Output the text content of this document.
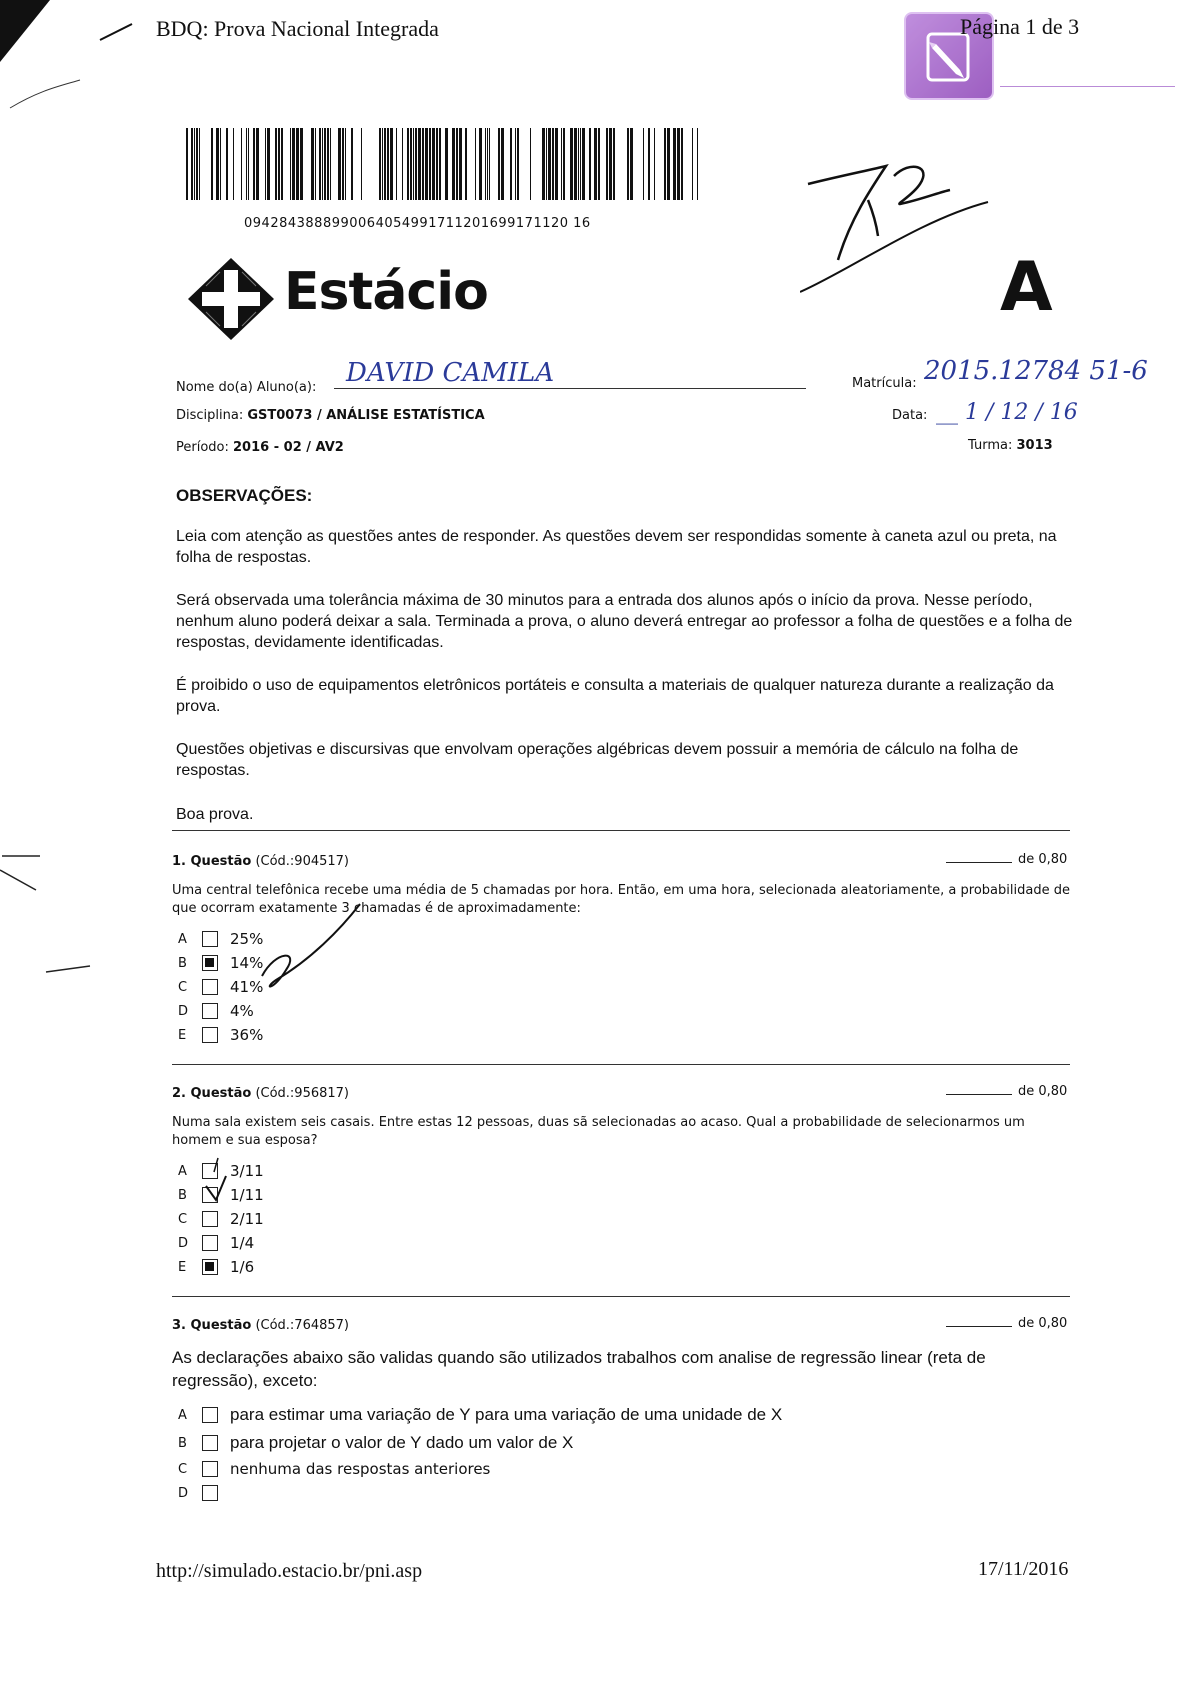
BDQ: Prova Nacional Integrada	Página 1 de 3
0942843888990064054991711201699171120 16
Estácio
7,2
A
Nome do(a) Aluno(a): DAVID CAMILA	Matrícula: 2015.12784 51-6
Disciplina: GST0073 / ANÁLISE ESTATÍSTICA	Data: __ 1 / 12 / 16
Período: 2016 - 02 / AV2	Turma: 3013
OBSERVAÇÕES:
Leia com atenção as questões antes de responder. As questões devem ser respondidas somente à caneta azul ou preta, na folha de respostas.
Será observada uma tolerância máxima de 30 minutos para a entrada dos alunos após o início da prova. Nesse período, nenhum aluno poderá deixar a sala. Terminada a prova, o aluno deverá entregar ao professor a folha de questões e a folha de respostas, devidamente identificadas.
É proibido o uso de equipamentos eletrônicos portáteis e consulta a materiais de qualquer natureza durante a realização da prova.
Questões objetivas e discursivas que envolvam operações algébricas devem possuir a memória de cálculo na folha de respostas.
Boa prova.
1. Questão (Cód.:904517)	de 0,80
Uma central telefônica recebe uma média de 5 chamadas por hora. Então, em uma hora, selecionada aleatoriamente, a probabilidade de que ocorram exatamente 3 chamadas é de aproximadamente:
A	25%
B	14%
C	41%
D	4%
E	36%
2. Questão (Cód.:956817)	de 0,80
Numa sala existem seis casais. Entre estas 12 pessoas, duas sã selecionadas ao acaso. Qual a probabilidade de selecionarmos um homem e sua esposa?
A	3/11
B	1/11
C	2/11
D	1/4
E	1/6
3. Questão (Cód.:764857)	de 0,80
As declarações abaixo são validas quando são utilizados trabalhos com analise de regressão linear (reta de regressão), exceto:
A	para estimar uma variação de Y para uma variação de uma unidade de X
B	para projetar o valor de Y dado um valor de X
C	nenhuma das respostas anteriores
D
http://simulado.estacio.br/pni.asp	17/11/2016
